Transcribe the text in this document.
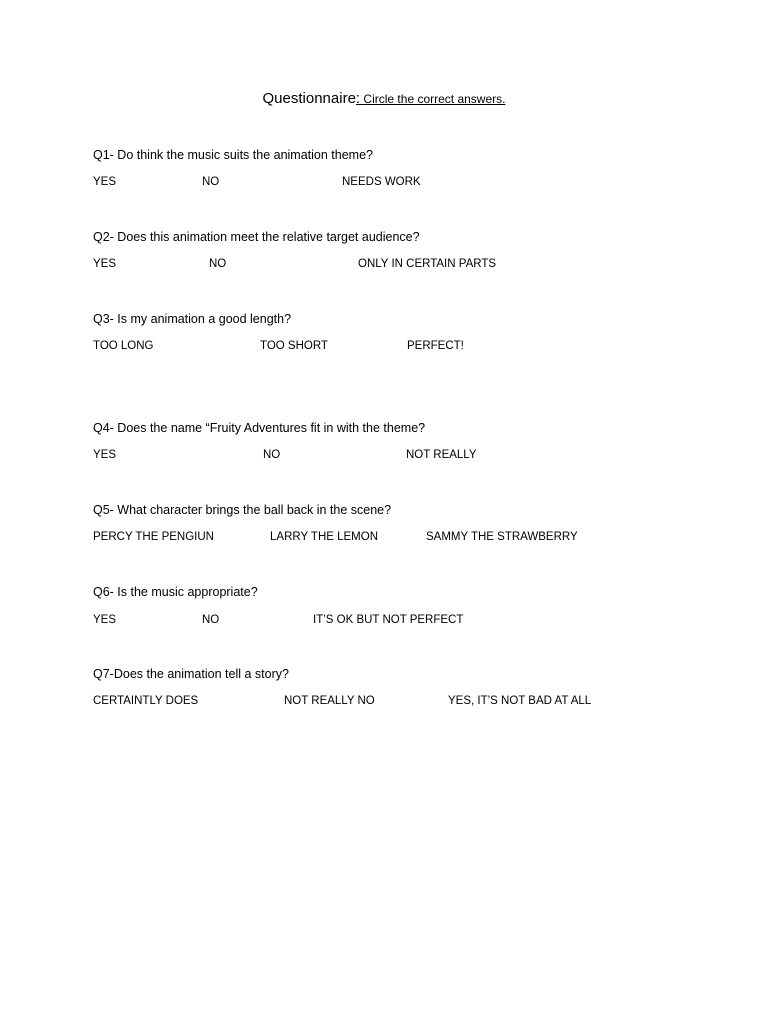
Questionnaire: Circle the correct answers.
Q1- Do think the music suits the animation theme?
YES	NO	NEEDS WORK
Q2- Does this animation meet the relative target audience?
YES	NO	ONLY IN CERTAIN PARTS
Q3- Is my animation a good length?
TOO LONG	TOO SHORT	PERFECT!
Q4- Does the name “Fruity Adventures fit in with the theme?
YES	NO	NOT REALLY
Q5- What character brings the ball back in the scene?
PERCY THE PENGIUN	LARRY THE LEMON	SAMMY THE STRAWBERRY
Q6- Is the music appropriate?
YES	NO	IT’S OK BUT NOT PERFECT
Q7-Does the animation tell a story?
CERTAINTLY DOES	NOT REALLY NO	YES, IT’S NOT BAD AT ALL
